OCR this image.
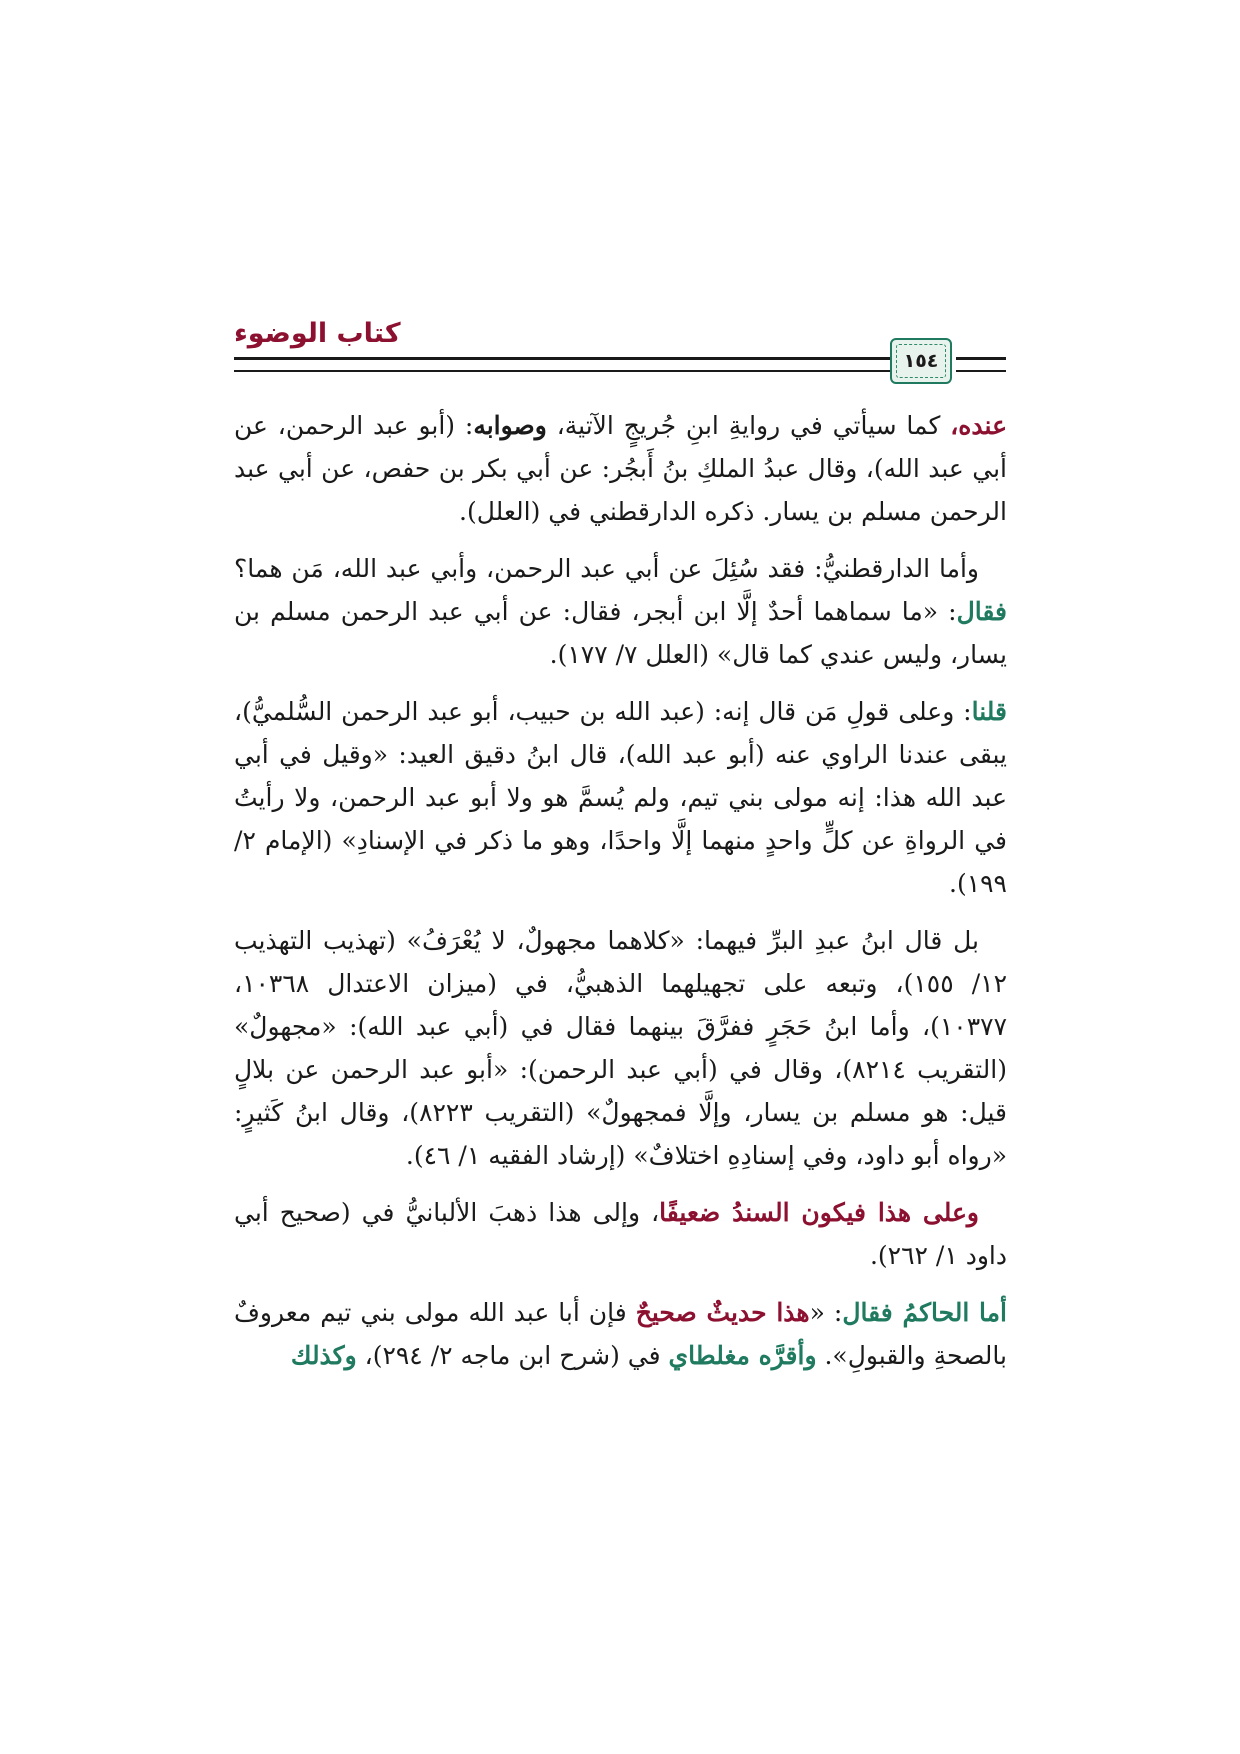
كتاب الوضوء
١٥٤

عنده، كما سيأتي في روايةِ ابنِ جُريجٍ الآتية، وصوابه: (أبو عبد الرحمن، عن أبي عبد الله)، وقال عبدُ الملكِ بنُ أَبجُر: عن أبي بكر بن حفص، عن أبي عبد الرحمن مسلم بن يسار. ذكره الدارقطني في (العلل).

وأما الدارقطنيُّ: فقد سُئِلَ عن أبي عبد الرحمن، وأبي عبد الله، مَن هما؟ فقال: «ما سماهما أحدٌ إلَّا ابن أبجر، فقال: عن أبي عبد الرحمن مسلم بن يسار، وليس عندي كما قال» (العلل ٧/ ١٧٧).

قلنا: وعلى قولِ مَن قال إنه: (عبد الله بن حبيب، أبو عبد الرحمن السُّلميُّ)، يبقى عندنا الراوي عنه (أبو عبد الله)، قال ابنُ دقيق العيد: «وقيل في أبي عبد الله هذا: إنه مولى بني تيم، ولم يُسمَّ هو ولا أبو عبد الرحمن، ولا رأيتُ في الرواةِ عن كلٍّ واحدٍ منهما إلَّا واحدًا، وهو ما ذكر في الإسنادِ» (الإمام ٢/ ١٩٩).

بل قال ابنُ عبدِ البرِّ فيهما: «كلاهما مجهولٌ، لا يُعْرَفُ» (تهذيب التهذيب ١٢/ ١٥٥)، وتبعه على تجهيلهما الذهبيُّ، في (ميزان الاعتدال ١٠٣٦٨، ١٠٣٧٧)، وأما ابنُ حَجَرٍ ففرَّقَ بينهما فقال في (أبي عبد الله): «مجهولٌ» (التقريب ٨٢١٤)، وقال في (أبي عبد الرحمن): «أبو عبد الرحمن عن بلالٍ قيل: هو مسلم بن يسار، وإلَّا فمجهولٌ» (التقريب ٨٢٢٣)، وقال ابنُ كَثيرٍ: «رواه أبو داود، وفي إسنادِهِ اختلافٌ» (إرشاد الفقيه ١/ ٤٦).

وعلى هذا فيكون السندُ ضعيفًا، وإلى هذا ذهبَ الألبانيُّ في (صحيح أبي داود ١/ ٢٦٢).

أما الحاكمُ فقال: «هذا حديثٌ صحيحٌ فإن أبا عبد الله مولى بني تيم معروفٌ بالصحةِ والقبولِ». وأقرَّه مغلطاي في (شرح ابن ماجه ٢/ ٢٩٤)، وكذلك
